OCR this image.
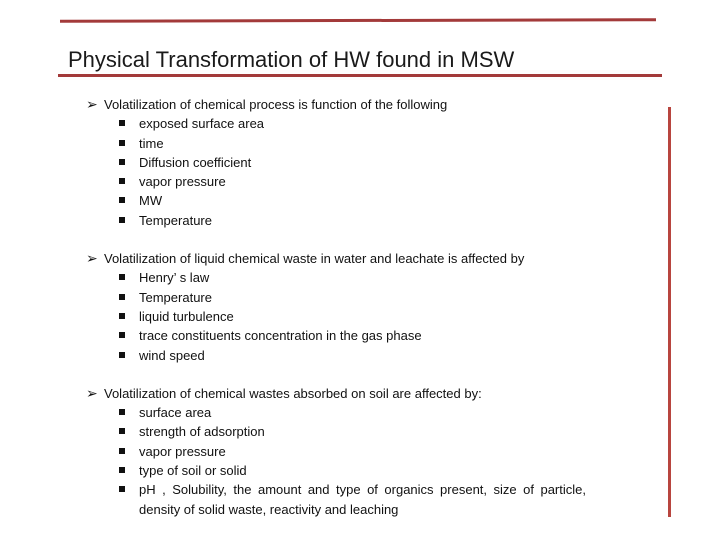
Physical Transformation of HW found in MSW
➢ Volatilization of chemical process is function of the following
exposed surface area
time
Diffusion coefficient
vapor pressure
MW
Temperature
➢ Volatilization of liquid chemical waste in water and leachate is affected by
Henry’ s law
Temperature
liquid turbulence
trace constituents concentration in the gas phase
wind speed
➢ Volatilization of chemical wastes absorbed on soil are affected by:
surface area
strength of adsorption
vapor pressure
type of soil or solid
pH , Solubility, the amount and type of organics present, size of particle, density of solid waste, reactivity and leaching
